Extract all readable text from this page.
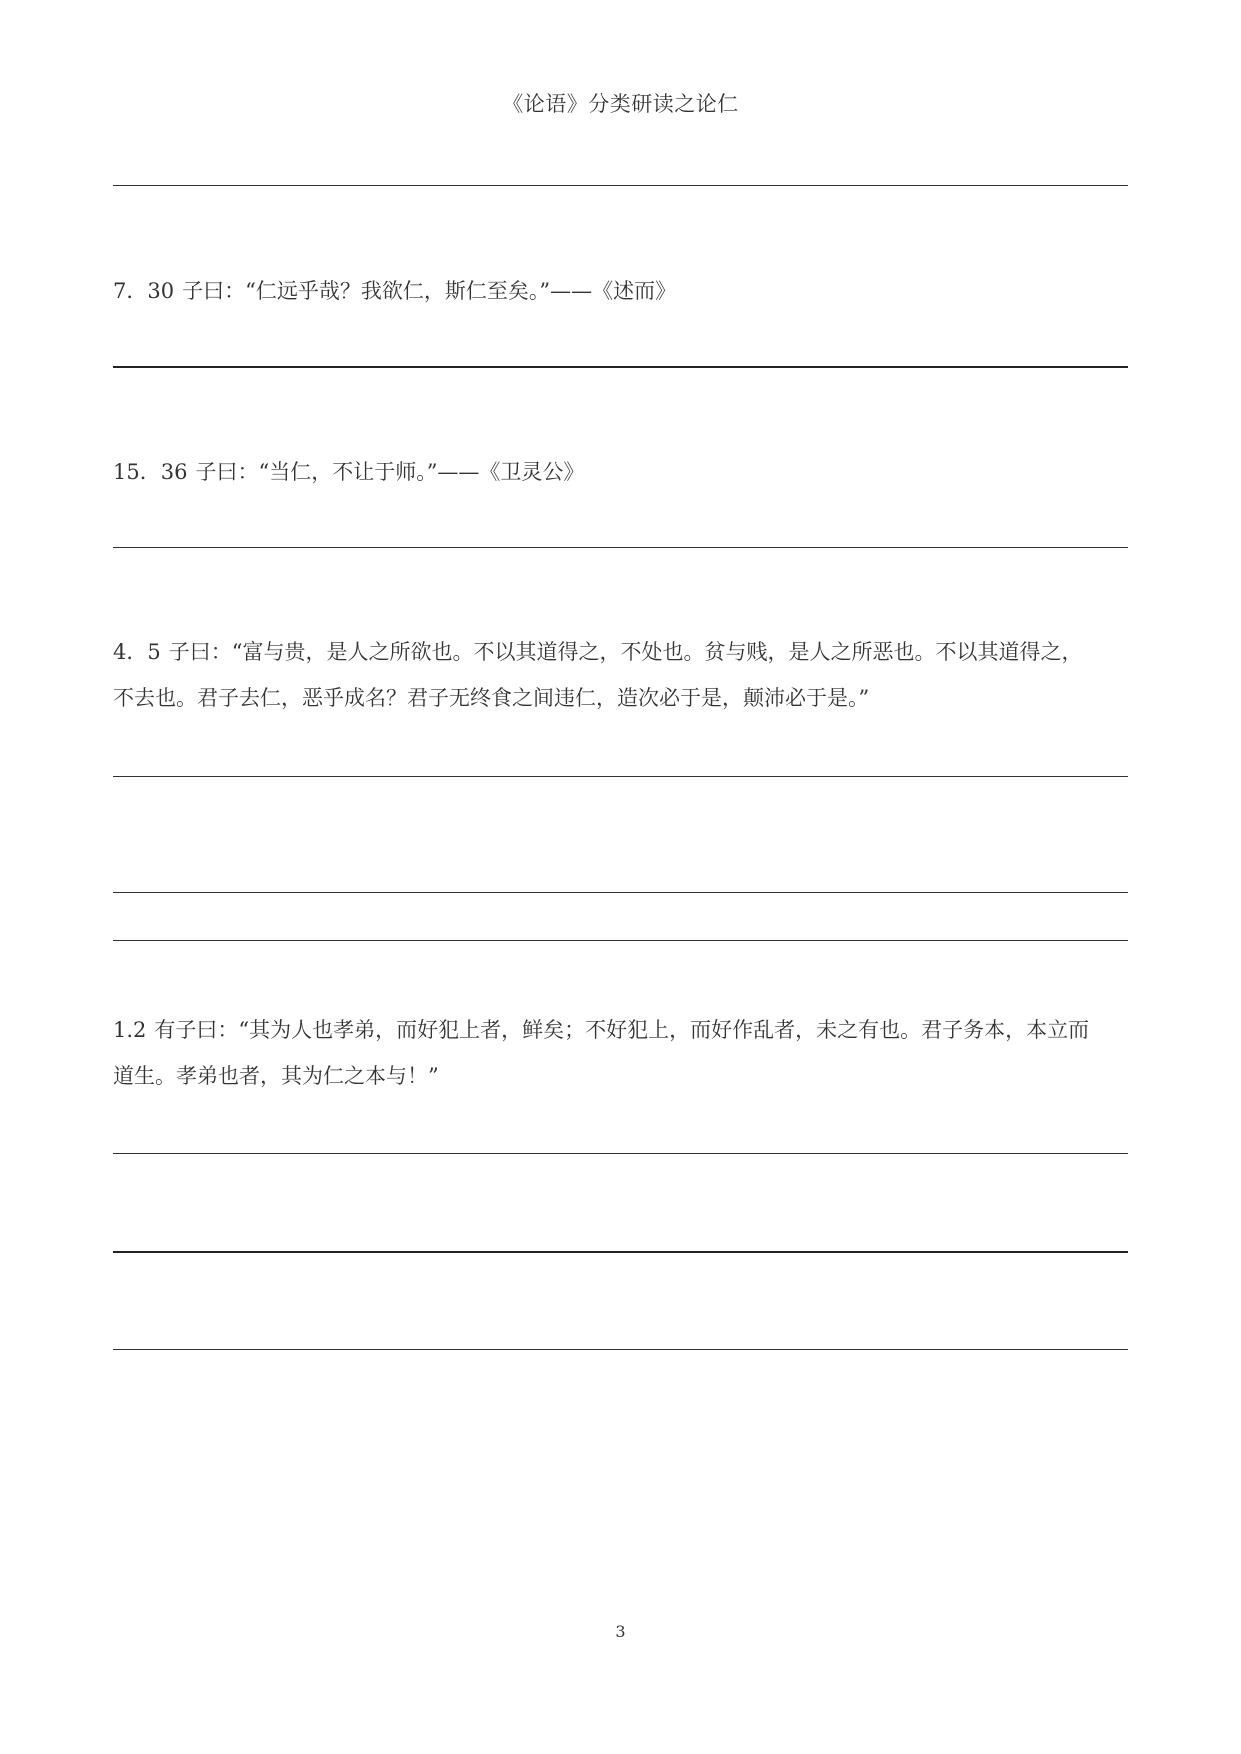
《论语》分类研读之论仁
7．30 子曰：“仁远乎哉？我欲仁，斯仁至矣。”——《述而》
15．36 子曰：“当仁，不让于师。”——《卫灵公》
4．5 子曰：“富与贵，是人之所欲也。不以其道得之，不处也。贫与贱，是人之所恶也。不以其道得之，
不去也。君子去仁，恶乎成名？君子无终食之间违仁，造次必于是，颠沛必于是。”
1.2 有子曰：“其为人也孝弟，而好犯上者，鲜矣；不好犯上，而好作乱者，未之有也。君子务本，本立而
道生。孝弟也者，其为仁之本与！”
3
